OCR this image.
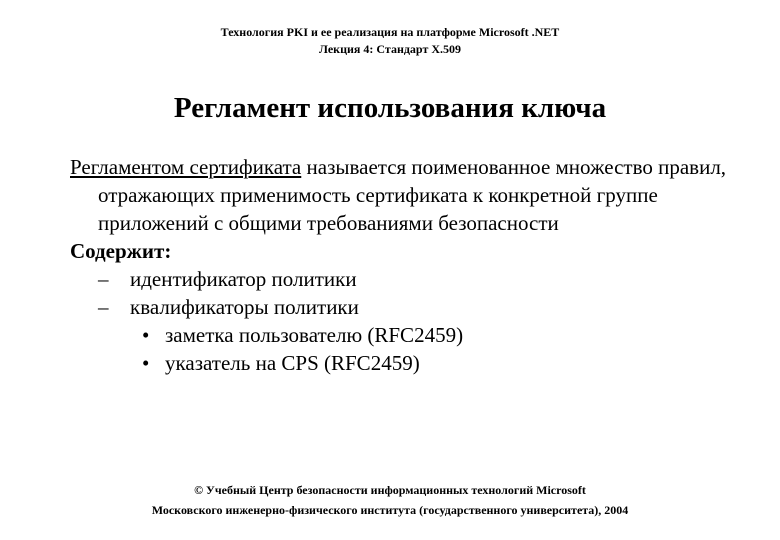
Технология PKI и ее реализация на платформе Microsoft .NET
Лекция 4: Стандарт X.509
Регламент использования ключа

Регламентом сертификата называется поименованное множество правил, отражающих применимость сертификата к конкретной группе приложений с общими требованиями безопасности

Содержит:

– идентификатор политики

– квалификаторы политики

• заметка пользователю (RFC2459)

• указатель на CPS (RFC2459)

© Учебный Центр безопасности информационных технологий Microsoft
Московского инженерно-физического института (государственного университета), 2004
